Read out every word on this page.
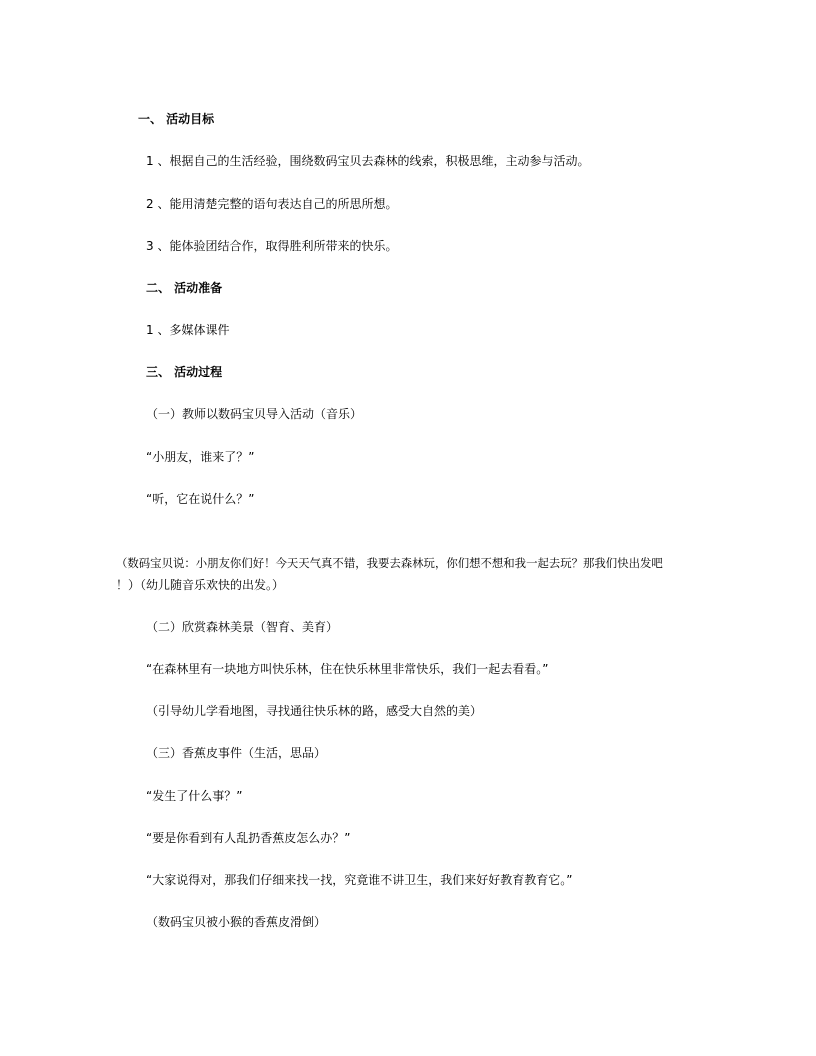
一、 活动目标
1 、根据自己的生活经验，围绕数码宝贝去森林的线索，积极思维，主动参与活动。
2 、能用清楚完整的语句表达自己的所思所想。
3 、能体验团结合作，取得胜利所带来的快乐。
二、 活动准备
1 、多媒体课件
三、 活动过程
（一）教师以数码宝贝导入活动（音乐）
“小朋友，谁来了？”
“听，它在说什么？”
（数码宝贝说：小朋友你们好！今天天气真不错，我要去森林玩，你们想不想和我一起去玩？那我们快出发吧
！）（幼儿随音乐欢快的出发。）
（二）欣赏森林美景（智育、美育）
“在森林里有一块地方叫快乐林，住在快乐林里非常快乐，我们一起去看看。”
（引导幼儿学看地图，寻找通往快乐林的路，感受大自然的美）
（三）香蕉皮事件（生活，思品）
“发生了什么事？”
“要是你看到有人乱扔香蕉皮怎么办？”
“大家说得对，那我们仔细来找一找，究竟谁不讲卫生，我们来好好教育教育它。”
（数码宝贝被小猴的香蕉皮滑倒）
